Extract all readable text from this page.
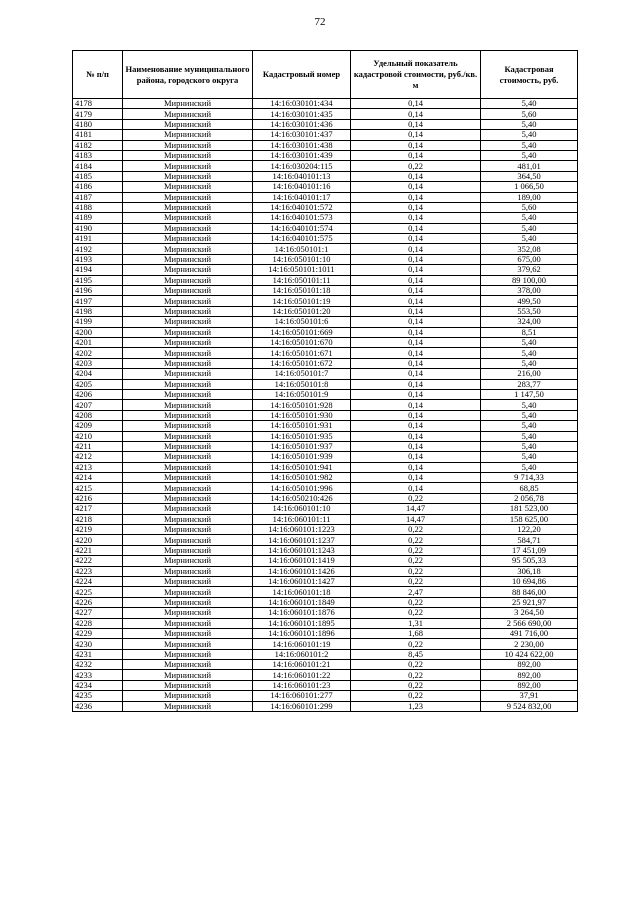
72
№ п/п	Наименование муниципального района, городского округа	Кадастровый номер	Удельный показатель кадастровой стоимости, руб./кв. м	Кадастровая стоимость, руб.
4178	Мирнинский	14:16:030101:434	0,14	5,40
4179	Мирнинский	14:16:030101:435	0,14	5,60
4180	Мирнинский	14:16:030101:436	0,14	5,40
4181	Мирнинский	14:16:030101:437	0,14	5,40
4182	Мирнинский	14:16:030101:438	0,14	5,40
4183	Мирнинский	14:16:030101:439	0,14	5,40
4184	Мирнинский	14:16:030204:115	0,22	481,01
4185	Мирнинский	14:16:040101:13	0,14	364,50
4186	Мирнинский	14:16:040101:16	0,14	1 066,50
4187	Мирнинский	14:16:040101:17	0,14	189,00
4188	Мирнинский	14:16:040101:572	0,14	5,60
4189	Мирнинский	14:16:040101:573	0,14	5,40
4190	Мирнинский	14:16:040101:574	0,14	5,40
4191	Мирнинский	14:16:040101:575	0,14	5,40
4192	Мирнинский	14:16:050101:1	0,14	352,08
4193	Мирнинский	14:16:050101:10	0,14	675,00
4194	Мирнинский	14:16:050101:1011	0,14	379,62
4195	Мирнинский	14:16:050101:11	0,14	89 100,00
4196	Мирнинский	14:16:050101:18	0,14	378,00
4197	Мирнинский	14:16:050101:19	0,14	499,50
4198	Мирнинский	14:16:050101:20	0,14	553,50
4199	Мирнинский	14:16:050101:6	0,14	324,00
4200	Мирнинский	14:16:050101:669	0,14	8,51
4201	Мирнинский	14:16:050101:670	0,14	5,40
4202	Мирнинский	14:16:050101:671	0,14	5,40
4203	Мирнинский	14:16:050101:672	0,14	5,40
4204	Мирнинский	14:16:050101:7	0,14	216,00
4205	Мирнинский	14:16:050101:8	0,14	283,77
4206	Мирнинский	14:16:050101:9	0,14	1 147,50
4207	Мирнинский	14:16:050101:928	0,14	5,40
4208	Мирнинский	14:16:050101:930	0,14	5,40
4209	Мирнинский	14:16:050101:931	0,14	5,40
4210	Мирнинский	14:16:050101:935	0,14	5,40
4211	Мирнинский	14:16:050101:937	0,14	5,40
4212	Мирнинский	14:16:050101:939	0,14	5,40
4213	Мирнинский	14:16:050101:941	0,14	5,40
4214	Мирнинский	14:16:050101:982	0,14	9 714,33
4215	Мирнинский	14:16:050101:996	0,14	68,85
4216	Мирнинский	14:16:050210:426	0,22	2 056,78
4217	Мирнинский	14:16:060101:10	14,47	181 523,00
4218	Мирнинский	14:16:060101:11	14,47	158 625,00
4219	Мирнинский	14:16:060101:1223	0,22	122,20
4220	Мирнинский	14:16:060101:1237	0,22	584,71
4221	Мирнинский	14:16:060101:1243	0,22	17 451,09
4222	Мирнинский	14:16:060101:1419	0,22	95 505,33
4223	Мирнинский	14:16:060101:1426	0,22	306,18
4224	Мирнинский	14:16:060101:1427	0,22	10 694,86
4225	Мирнинский	14:16:060101:18	2,47	88 846,00
4226	Мирнинский	14:16:060101:1849	0,22	25 921,97
4227	Мирнинский	14:16:060101:1876	0,22	3 264,50
4228	Мирнинский	14:16:060101:1895	1,31	2 566 690,00
4229	Мирнинский	14:16:060101:1896	1,68	491 716,00
4230	Мирнинский	14:16:060101:19	0,22	2 230,00
4231	Мирнинский	14:16:060101:2	8,45	10 424 622,00
4232	Мирнинский	14:16:060101:21	0,22	892,00
4233	Мирнинский	14:16:060101:22	0,22	892,00
4234	Мирнинский	14:16:060101:23	0,22	892,00
4235	Мирнинский	14:16:060101:277	0,22	37,91
4236	Мирнинский	14:16:060101:299	1,23	9 524 832,00
